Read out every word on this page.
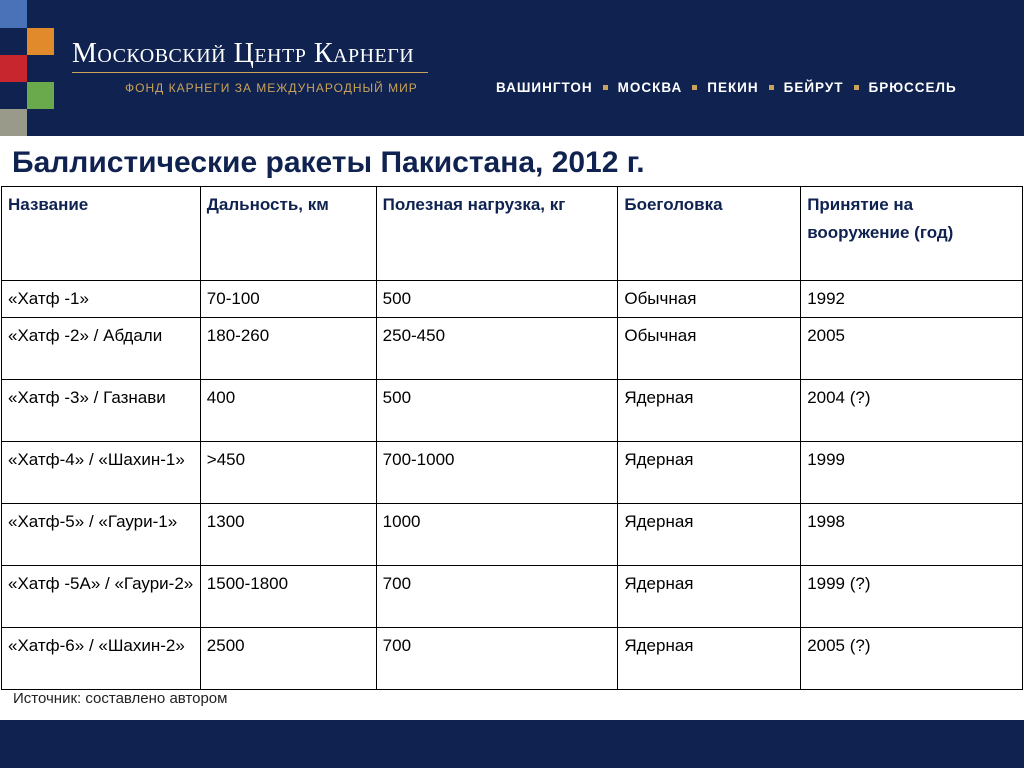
Московский Центр Карнеги
ФОНД КАРНЕГИ ЗА МЕЖДУНАРОДНЫЙ МИР	ВАШИНГТОН МОСКВА ПЕКИН БЕЙРУТ БРЮССЕЛЬ
Баллистические ракеты Пакистана, 2012 г.
Название	Дальность, км	Полезная нагрузка, кг	Боеголовка	Принятие на вооружение (год)
«Хатф -1»	70-100	500	Обычная	1992
«Хатф -2» / Абдали	180-260	250-450	Обычная	2005
«Хатф -3» / Газнави	400	500	Ядерная	2004 (?)
«Хатф-4» / «Шахин-1»	>450	700-1000	Ядерная	1999
«Хатф-5» / «Гаури-1»	1300	1000	Ядерная	1998
«Хатф -5А» / «Гаури-2»	1500-1800	700	Ядерная	1999 (?)
«Хатф-6» / «Шахин-2»	2500	700	Ядерная	2005 (?)
Источник: составлено автором
